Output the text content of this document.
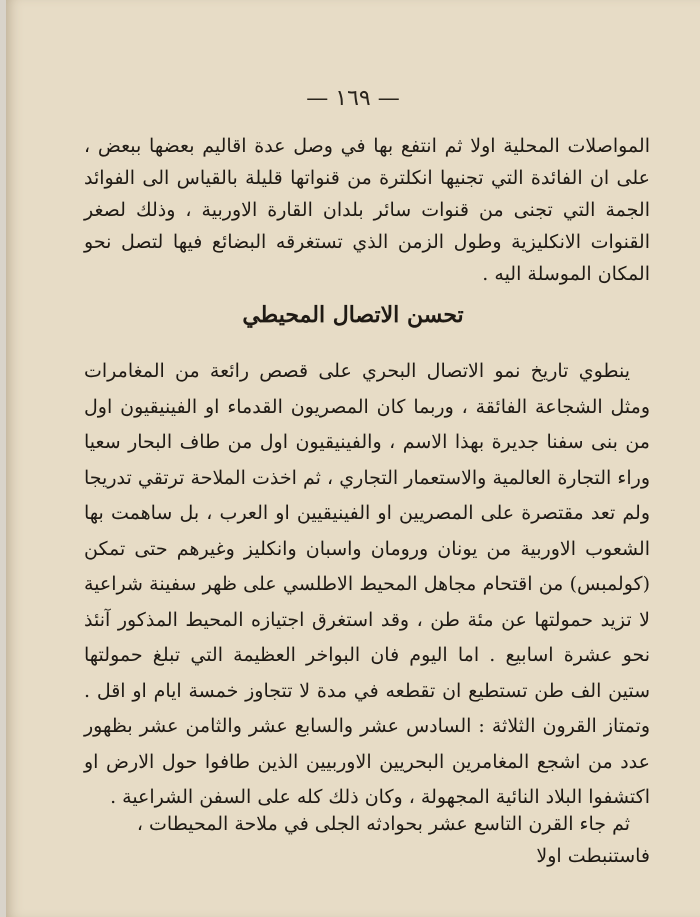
— ١٦٩ —

المواصلات المحلية اولا ثم انتفع بها في وصل عدة اقاليم بعضها ببعض ، على ان الفائدة التي تجنيها انكلترة من قنواتها قليلة بالقياس الى الفوائد الجمة التي تجنى من قنوات سائر بلدان القارة الاوربية ، وذلك لصغر القنوات الانكليزية وطول الزمن الذي تستغرقه البضائع فيها لتصل نحو المكان الموسلة اليه .

تحسن الاتصال المحيطي

ينطوي تاريخ نمو الاتصال البحري على قصص رائعة من المغامرات ومثل الشجاعة الفائقة ، وربما كان المصريون القدماء او الفينيقيون اول من بنى سفنا جديرة بهذا الاسم ، والفينيقيون اول من طاف البحار سعيا وراء التجارة العالمية والاستعمار التجاري ، ثم اخذت الملاحة ترتقي تدريجا ولم تعد مقتصرة على المصريين او الفينيقيين او العرب ، بل ساهمت بها الشعوب الاوربية من يونان ورومان واسبان وانكليز وغيرهم حتى تمكن (كولمبس) من اقتحام مجاهل المحيط الاطلسي على ظهر سفينة شراعية لا تزيد حمولتها عن مئة طن ، وقد استغرق اجتيازه المحيط المذكور آنئذ نحو عشرة اسابيع . اما اليوم فان البواخر العظيمة التي تبلغ حمولتها ستين الف طن تستطيع ان تقطعه في مدة لا تتجاوز خمسة ايام او اقل . وتمتاز القرون الثلاثة : السادس عشر والسابع عشر والثامن عشر بظهور عدد من اشجع المغامرين البحريين الاوربيين الذين طافوا حول الارض او اكتشفوا البلاد النائية المجهولة ، وكان ذلك كله على السفن الشراعية .

ثم جاء القرن التاسع عشر بحوادثه الجلى في ملاحة المحيطات ، فاستنبطت اولا
